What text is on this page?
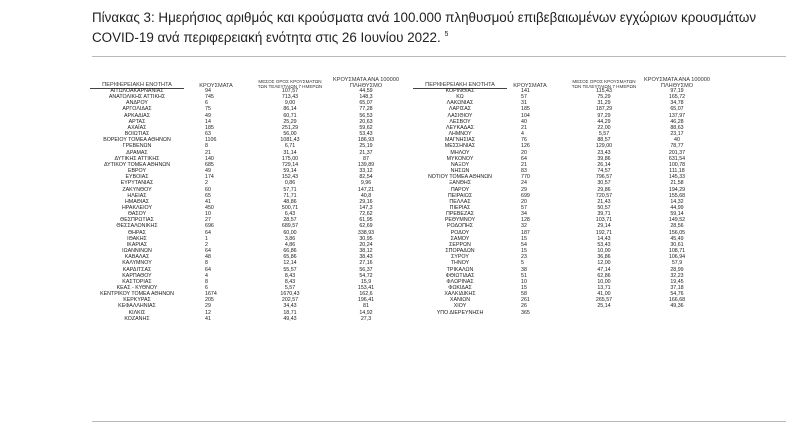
Πίνακας 3: Ημερήσιος αριθμός και κρούσματα ανά 100.000 πληθυσμού επιβεβαιωμένων εγχώριων κρουσμάτων
COVID-19 ανά περιφερειακή ενότητα στις 26 Ιουνίου 2022. $^5$
ΠΕΡΙΦΕΡΕΙΑΚΗ ΕΝΟΤΗΤΑ	ΚΡΟΥΣΜΑΤΑ
ΜΕΣΟΣ ΟΡΟΣ ΚΡΟΥΣΜΑΤΩΝ
ΤΩΝ ΤΕΛΕΥΤΑΙΩΝ 7 ΗΜΕΡΩΝ
ΚΡΟΥΣΜΑΤΑ ΑΝΑ 100000
ΠΛΗΘΥΣΜΟ
ΑΙΤΩΛΟΑΚΑΡΝΑΝΙΑΣ	94	107,57	44,59
ΑΝΑΤΟΛΙΚΗΣ ΑΤΤΙΚΗΣ	745	713,43	148,3
ΑΝΔΡΟΥ	6	9,00	65,07
ΑΡΓΟΛΙΔΑΣ	75	86,14	77,28
ΑΡΚΑΔΙΑΣ	49	60,71	56,53
ΑΡΤΑΣ	14	25,29	20,63
ΑΧΑΪΑΣ	185	251,29	59,62
ΒΟΙΩΤΙΑΣ	63	56,00	53,43
ΒΟΡΕΙΟΥ ΤΟΜΕΑ ΑΘΗΝΩΝ	1106	1081,43	186,93
ΓΡΕΒΕΝΩΝ	8	6,71	25,19
ΔΡΑΜΑΣ	21	31,14	21,37
ΔΥΤΙΚΗΣ ΑΤΤΙΚΗΣ	140	175,00	87
ΔΥΤΙΚΟΥ ΤΟΜΕΑ ΑΘΗΝΩΝ	685	729,14	139,89
ΕΒΡΟΥ	49	59,14	33,12
ΕΥΒΟΙΑΣ	174	152,43	82,54
ΕΥΡΥΤΑΝΙΑΣ	2	0,86	9,96
ΖΑΚΥΝΘΟΥ	60	57,71	147,21
ΗΛΕΙΑΣ	65	71,71	40,8
ΗΜΑΘΙΑΣ	41	48,86	29,16
ΗΡΑΚΛΕΙΟΥ	450	500,71	147,3
ΘΑΣΟΥ	10	6,43	72,62
ΘΕΣΠΡΩΤΙΑΣ	27	28,57	61,95
ΘΕΣΣΑΛΟΝΙΚΗΣ	696	689,57	62,69
ΘΗΡΑΣ	64	60,00	338,93
ΙΘΑΚΗΣ	1	3,86	30,95
ΙΚΑΡΙΑΣ	2	4,86	20,24
ΙΩΑΝΝΙΝΩΝ	64	66,86	38,12
ΚΑΒΑΛΑΣ	48	65,86	38,43
ΚΑΛΥΜΝΟΥ	8	12,14	27,16
ΚΑΡΔΙΤΣΑΣ	64	55,57	56,37
ΚΑΡΠΑΘΟΥ	4	8,43	54,72
ΚΑΣΤΟΡΙΑΣ	8	8,43	15,9
ΚΕΑΣ - ΚΥΘΝΟΥ	6	5,57	153,41
ΚΕΝΤΡΙΚΟΥ ΤΟΜΕΑ ΑΘΗΝΩΝ	1674	1670,43	162,6
ΚΕΡΚΥΡΑΣ	205	202,57	196,41
ΚΕΦΑΛΛΗΝΙΑΣ	29	34,43	81
ΚΙΛΚΙΣ	12	18,71	14,92
ΚΟΖΑΝΗΣ	41	49,43	27,3
ΠΕΡΙΦΕΡΕΙΑΚΗ ΕΝΟΤΗΤΑ	ΚΡΟΥΣΜΑΤΑ
ΜΕΣΟΣ ΟΡΟΣ ΚΡΟΥΣΜΑΤΩΝ
ΤΩΝ ΤΕΛΕΥΤΑΙΩΝ 7 ΗΜΕΡΩΝ
ΚΡΟΥΣΜΑΤΑ ΑΝΑ 100000
ΠΛΗΘΥΣΜΟ
ΚΟΡΙΝΘΙΑΣ	141	115,43	97,19
ΚΩ	57	75,29	165,72
ΛΑΚΩΝΙΑΣ	31	31,29	34,78
ΛΑΡΙΣΑΣ	185	187,29	65,07
ΛΑΣΙΘΙΟΥ	104	97,29	137,97
ΛΕΣΒΟΥ	40	44,29	46,28
ΛΕΥΚΑΔΑΣ	21	22,00	88,63
ΛΗΜΝΟΥ	4	5,57	23,17
ΜΑΓΝΗΣΙΑΣ	76	88,57	40
ΜΕΣΣΗΝΙΑΣ	126	129,00	78,77
ΜΗΛΟΥ	20	23,43	201,37
ΜΥΚΟΝΟΥ	64	39,86	631,54
ΝΑΞΟΥ	21	26,14	100,78
ΝΗΣΩΝ	83	74,57	111,18
ΝΟΤΙΟΥ ΤΟΜΕΑ ΑΘΗΝΩΝ	770	796,57	145,33
ΞΑΝΘΗΣ	24	30,57	21,58
ΠΑΡΟΥ	29	29,86	194,29
ΠΕΙΡΑΙΩΣ	699	720,57	155,68
ΠΕΛΛΑΣ	20	21,43	14,32
ΠΙΕΡΙΑΣ	57	50,57	44,99
ΠΡΕΒΕΖΑΣ	34	39,71	59,14
ΡΕΘΥΜΝΟΥ	128	103,71	149,52
ΡΟΔΟΠΗΣ	32	29,14	28,56
ΡΟΔΟΥ	187	192,71	156,05
ΣΑΜΟΥ	15	14,43	45,49
ΣΕΡΡΩΝ	54	53,43	30,61
ΣΠΟΡΑΔΩΝ	15	10,00	108,71
ΣΥΡΟΥ	23	36,86	106,94
ΤΗΝΟΥ	5	12,00	57,9
ΤΡΙΚΑΛΩΝ	38	47,14	28,99
ΦΘΙΩΤΙΔΑΣ	51	62,86	32,23
ΦΛΩΡΙΝΑΣ	10	10,00	19,45
ΦΩΚΙΔΑΣ	15	13,71	37,18
ΧΑΛΚΙΔΙΚΗΣ	58	41,00	54,76
ΧΑΝΙΩΝ	261	265,57	166,68
ΧΙΟΥ	26	25,14	49,36
ΥΠΟ ΔΙΕΡΕΥΝΗΣΗ	365
